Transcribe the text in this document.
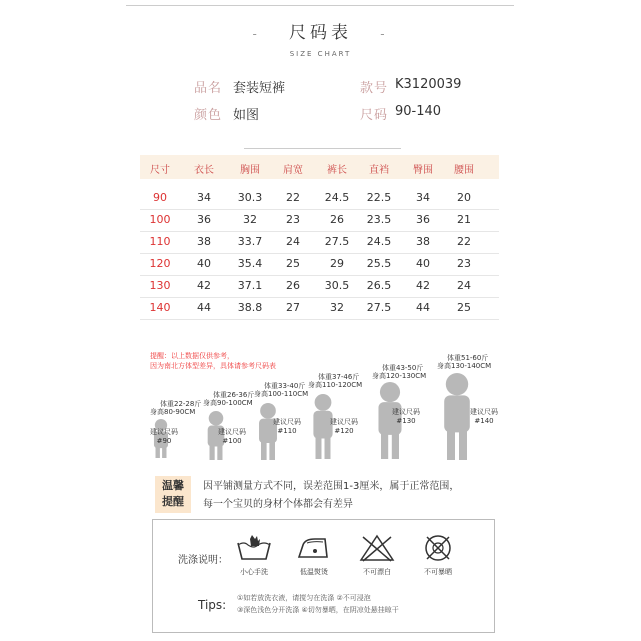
- 尺码表 -
SIZE CHART
品名 套装短裤	款号 K3120039
颜色 如图	尺码 90-140
尺寸	衣长	胸围	肩宽	裤长	直裆	臀围	腰围
90	34	30.3	22	24.5	22.5	34	20
100	36	32	23	26	23.5	36	21
110	38	33.7	24	27.5	24.5	38	22
120	40	35.4	25	29	25.5	40	23
130	42	37.1	26	30.5	26.5	42	24
140	44	38.8	27	32	27.5	44	25
提醒：以上数据仅供参考，
因为南北方体型差异，具体请参考尺码表
体重22-28斤
身高80-90CM
建议尺码
#90
体重26-36斤
身高90-100CM
建议尺码
#100
体重33-40斤
身高100-110CM
建议尺码
#110
体重37-46斤
身高110-120CM
建议尺码
#120
体重43-50斤
身高120-130CM
建议尺码
#130
体重51-60斤
身高130-140CM
建议尺码
#140
温馨
提醒
因平铺测量方式不同，误差范围1-3厘米，属于正常范围，
每一个宝贝的身材个体都会有差异
洗涤说明：
小心手洗	低温熨烫	不可漂白	不可暴晒
Tips: ①如若放洗衣液，请搅匀在洗涤 ②不可浸泡
③深色浅色分开洗涤 ④切勿暴晒，在阴凉处悬挂晾干
